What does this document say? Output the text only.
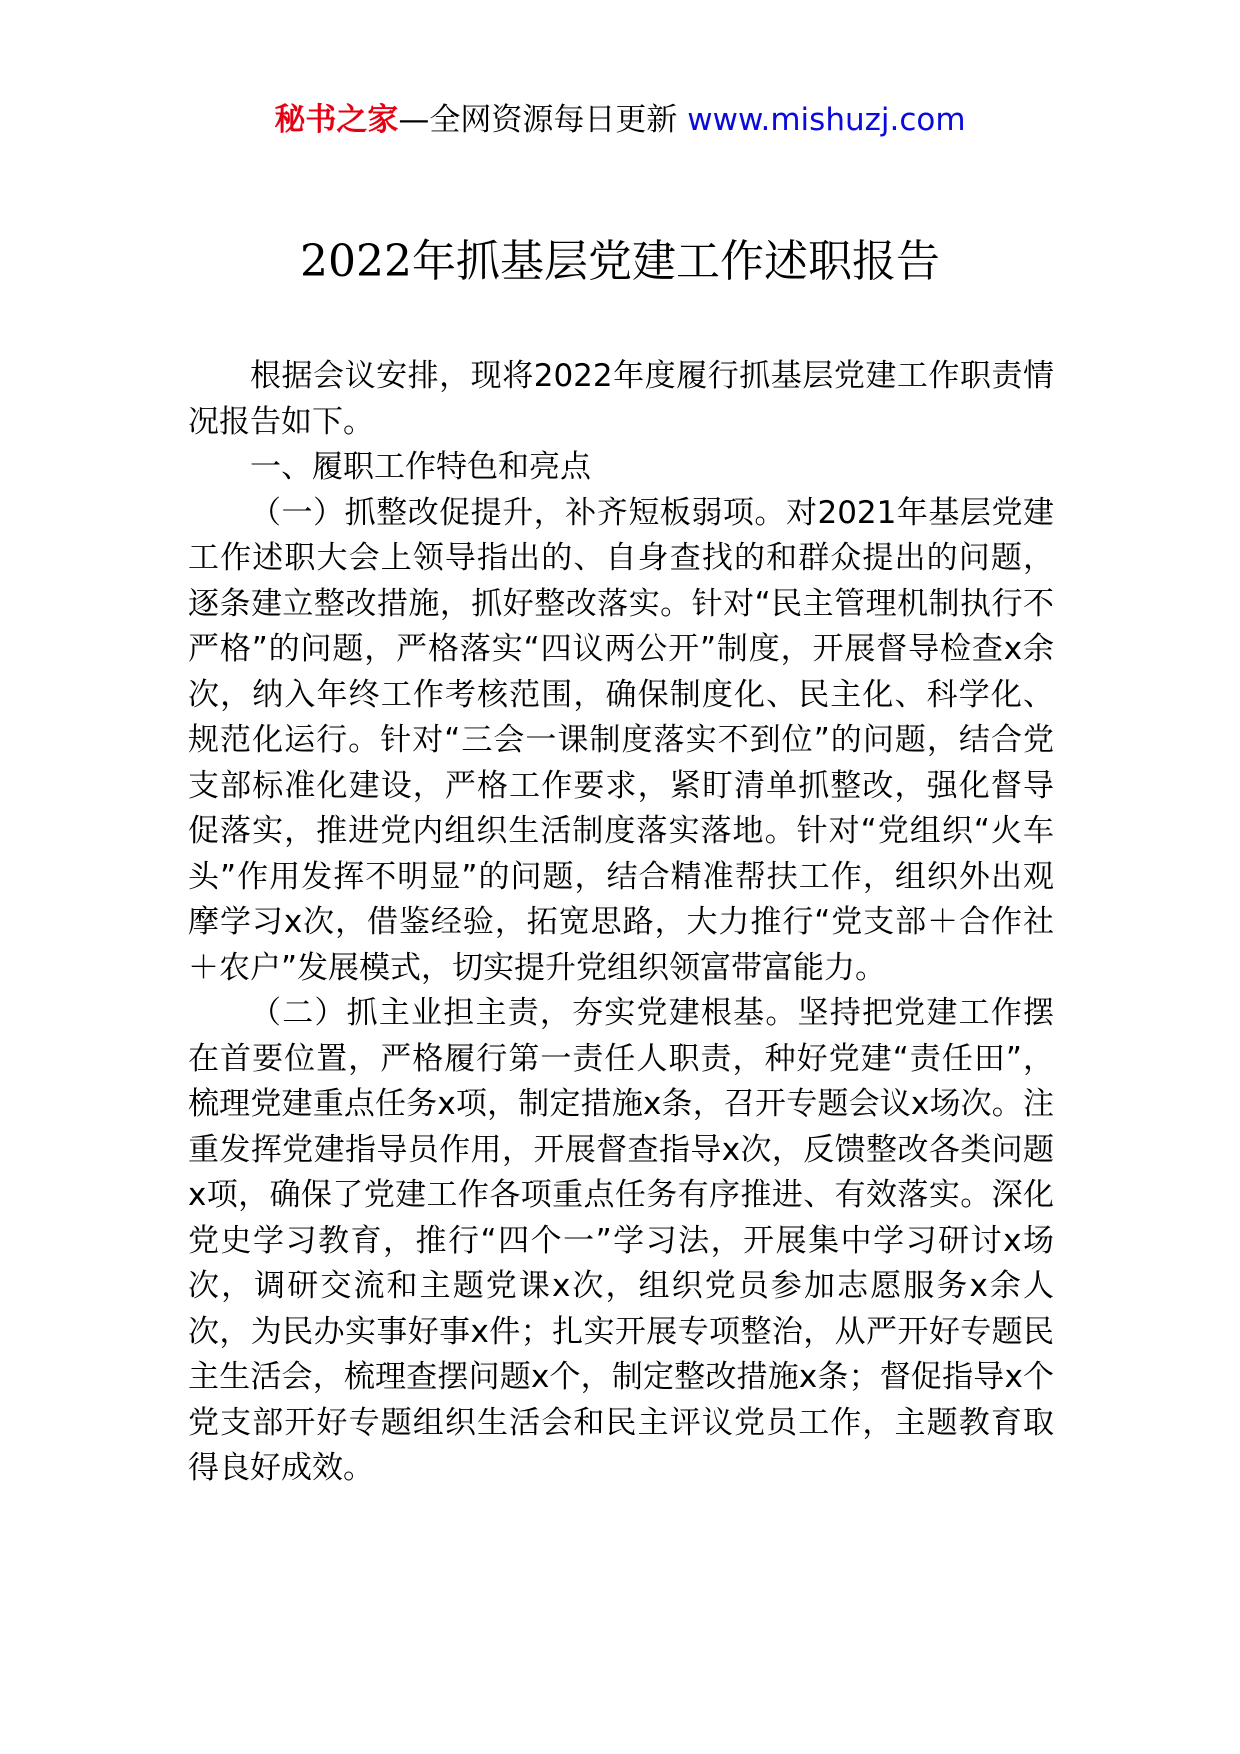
秘书之家—全网资源每日更新 www.mishuzj.com
2022年抓基层党建工作述职报告

根据会议安排，现将2022年度履行抓基层党建工作职责情况报告如下。

一、履职工作特色和亮点

（一）抓整改促提升，补齐短板弱项。对2021年基层党建工作述职大会上领导指出的、自身查找的和群众提出的问题，逐条建立整改措施，抓好整改落实。针对“民主管理机制执行不严格”的问题，严格落实“四议两公开”制度，开展督导检查x余次，纳入年终工作考核范围，确保制度化、民主化、科学化、规范化运行。针对“三会一课制度落实不到位”的问题，结合党支部标准化建设，严格工作要求，紧盯清单抓整改，强化督导促落实，推进党内组织生活制度落实落地。针对“党组织“火车头”作用发挥不明显”的问题，结合精准帮扶工作，组织外出观摩学习x次，借鉴经验，拓宽思路，大力推行“党支部＋合作社＋农户”发展模式，切实提升党组织领富带富能力。

（二）抓主业担主责，夯实党建根基。坚持把党建工作摆在首要位置，严格履行第一责任人职责，种好党建“责任田”，梳理党建重点任务x项，制定措施x条，召开专题会议x场次。注重发挥党建指导员作用，开展督查指导x次，反馈整改各类问题x项，确保了党建工作各项重点任务有序推进、有效落实。深化党史学习教育，推行“四个一”学习法，开展集中学习研讨x场次，调研交流和主题党课x次，组织党员参加志愿服务x余人次，为民办实事好事x件；扎实开展专项整治，从严开好专题民主生活会，梳理查摆问题x个，制定整改措施x条；督促指导x个党支部开好专题组织生活会和民主评议党员工作，主题教育取得良好成效。
